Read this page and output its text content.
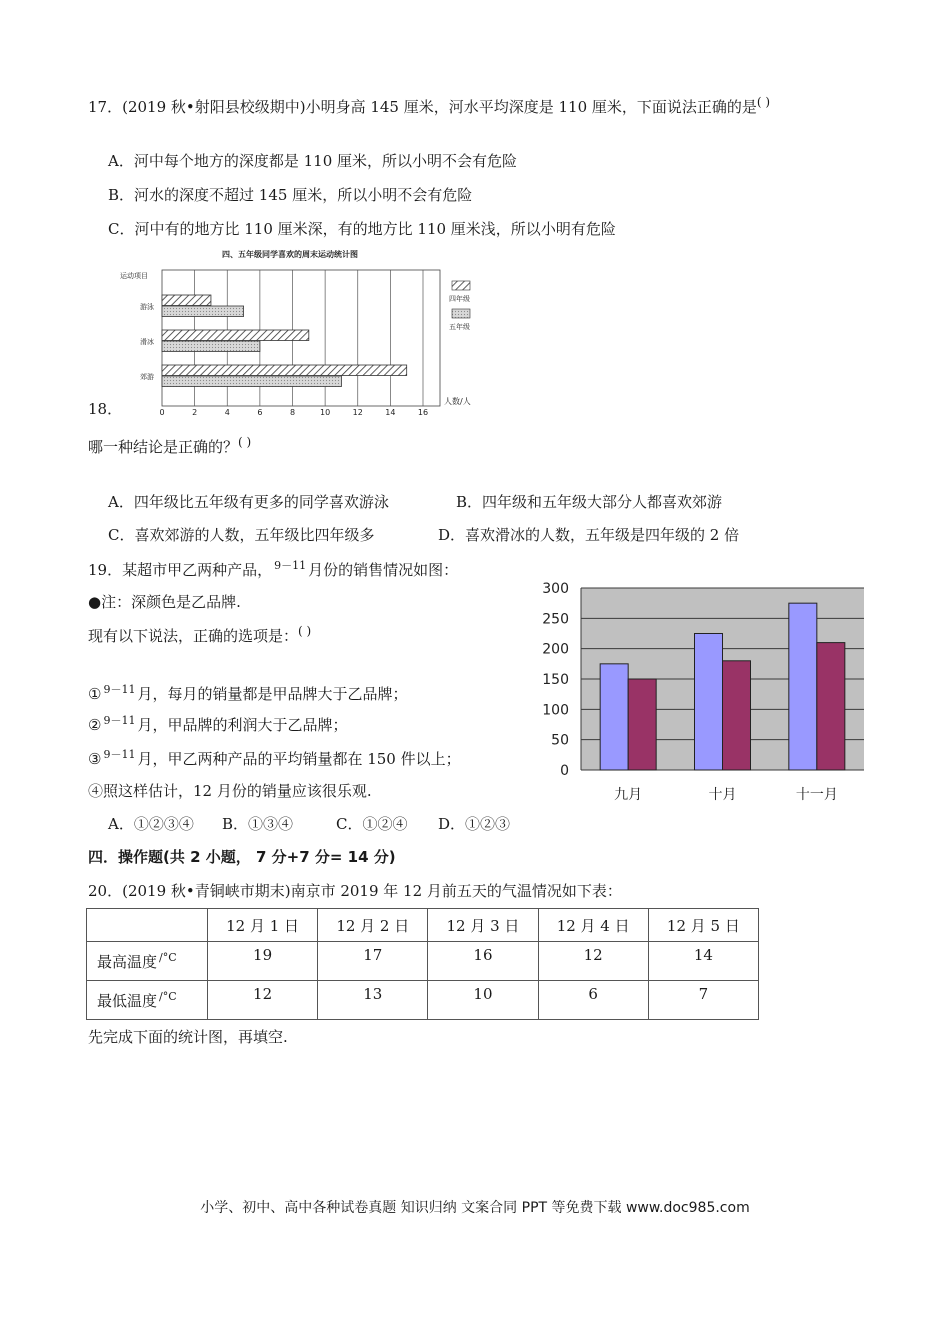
17．(2019 秋•射阳县校级期中)小明身高 145 厘米，河水平均深度是 110 厘米，下面说法正确的是( )
A．河中每个地方的深度都是 110 厘米，所以小明不会有危险
B．河水的深度不超过 145 厘米，所以小明不会有危险
C．河中有的地方比 110 厘米深，有的地方比 110 厘米浅，所以小明有危险
18．
四、五年级同学喜欢的周末运动统计图
运动项目
游泳
滑冰
郊游
0	2	4	6	8	10	12	14	16
人数/人
四年级
五年级
哪一种结论是正确的？( )
A．四年级比五年级有更多的同学喜欢游泳	B．四年级和五年级大部分人都喜欢郊游
C．喜欢郊游的人数，五年级比四年级多	D．喜欢滑冰的人数，五年级是四年级的 2 倍
19．某超市甲乙两种产品， $^{9-11}$ 月份的销售情况如图：
●注：深颜色是乙品牌.
现有以下说法，正确的选项是：( )
① $^{9-11}$ 月，每月的销量都是甲品牌大于乙品牌；
② $^{9-11}$ 月，甲品牌的利润大于乙品牌；
③ $^{9-11}$ 月，甲乙两种产品的平均销量都在 150 件以上；
④照这样估计，12 月份的销量应该很乐观.
A．①②③④ B．①③④	C．①②④ D．①②③
0
50
100
150
200
250
300
九月	十月	十一月
四．操作题(共 2 小题， 7 分+7 分= 14 分)
20．(2019 秋•青铜峡市期末)南京市 2019 年 12 月前五天的气温情况如下表：
	12 月 1 日	12 月 2 日	12 月 3 日	12 月 4 日	12 月 5 日
最高温度 $^{/^\circ C}$	19	17	16	12	14
最低温度 $^{/^\circ C}$	12	13	10	6	7
先完成下面的统计图，再填空.
小学、初中、高中各种试卷真题 知识归纳 文案合同 PPT 等免费下载 www.doc985.com
